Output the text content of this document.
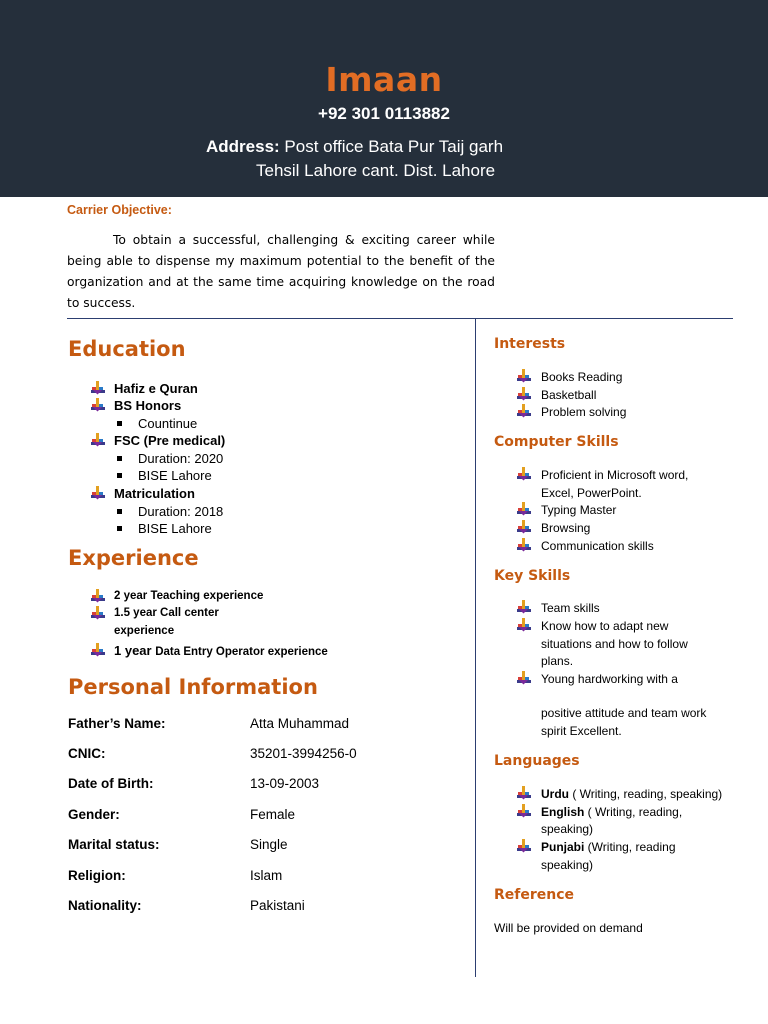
Imaan
+92 301 0113882
Address: Post office Bata Pur Taij garh
Tehsil Lahore cant. Dist. Lahore
Carrier Objective:
To obtain a successful, challenging & exciting career while being able to dispense my maximum potential to the benefit of the organization and at the same time acquiring knowledge on the road to success.
Education
Hafiz e Quran
BS Honors
Countinue
FSC (Pre medical)
Duration: 2020
BISE Lahore
Matriculation
Duration: 2018
BISE Lahore
Experience
2 year Teaching experience
1.5 year Call center
experience
1 year Data Entry Operator experience
Personal Information
Father’s Name:	Atta Muhammad
CNIC:	35201-3994256-0
Date of Birth:	13-09-2003
Gender:	Female
Marital status:	Single
Religion:	Islam
Nationality:	Pakistani
Interests
Books Reading
Basketball
Problem solving
Computer Skills
Proficient in Microsoft word,
Excel, PowerPoint.
Typing Master
Browsing
Communication skills
Key Skills
Team skills
Know how to adapt new
situations and how to follow
plans.
Young hardworking with a
positive attitude and team work
spirit Excellent.
Languages
Urdu ( Writing, reading, speaking)
English ( Writing, reading,
speaking)
Punjabi (Writing, reading
speaking)
Reference
Will be provided on demand
